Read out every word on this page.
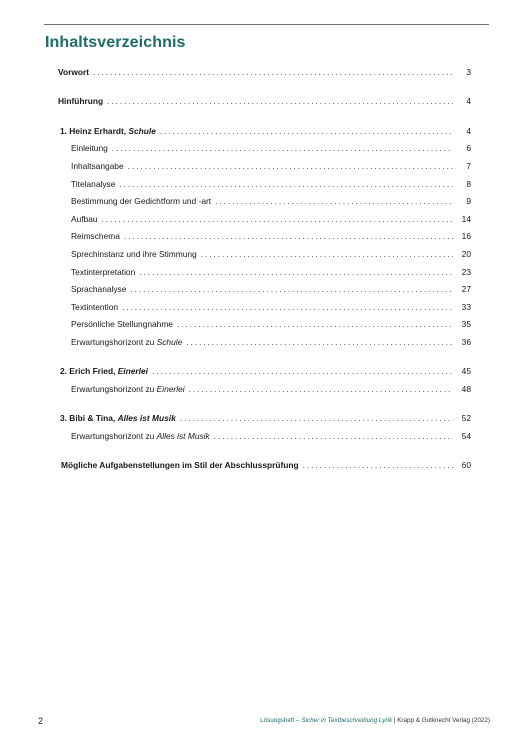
Inhaltsverzeichnis
Vorwort . . .	3
Hinführung . . .	4
1. Heinz Erhardt, Schule . . .	4
Einleitung . . .	6
Inhaltsangabe . . .	7
Titelanalyse . . .	8
Bestimmung der Gedichtform und -art . . .	9
Aufbau . . .	14
Reimschema . . .	16
Sprechinstanz und ihre Stimmung . . .	20
Textinterpretation . . .	23
Sprachanalyse . . .	27
Textintention . . .	33
Persönliche Stellungnahme . . .	35
Erwartungshorizont zu Schule . . .	36
2. Erich Fried, Einerlei . . .	45
Erwartungshorizont zu Einerlei . . .	48
3. Bibi & Tina, Alles ist Musik . . .	52
Erwartungshorizont zu Alles ist Musik . . .	54
Mögliche Aufgabenstellungen im Stil der Abschlussprüfung . . .	60
2	Lösungsheft – Sicher in Textbeschreibung Lyrik | Krapp & Gutknecht Verlag (2022)
